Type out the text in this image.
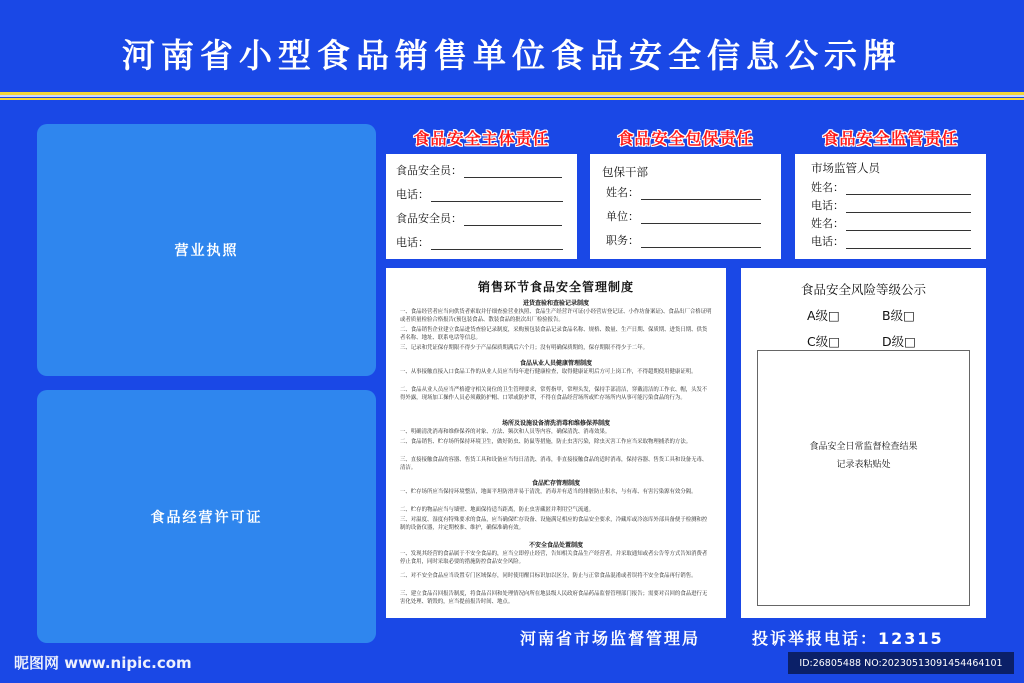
河南省小型食品销售单位食品安全信息公示牌
营业执照
食品经营许可证
食品安全主体责任	食品安全包保责任	食品安全监管责任
食品安全员：
电话：
食品安全员：
电话：
包保干部
姓名：
单位：
职务：
市场监管人员
姓名：
电话：
姓名：
电话：
销售环节食品安全管理制度
进货查验和查验记录制度
一、食品经营者应当向供货者索取并仔细查验营业执照、食品生产经营许可证(小经营店登记证、小作坊备案证)、食品出厂合格证明或者质量检验合格报告(预包装食品、散装食品的批次出厂检验报告。
二、食品销售企业建立食品进货查验记录制度，采购预包装食品记录食品名称、规格、数量、生产日期、保质期、进货日期、供货者名称、地址、联系电话等信息。
三、记录和凭证保存期限不得少于产品保质期满后六个月；没有明确保质期的，保存期限不得少于二年。
食品从业人员健康管理制度
一、从事接触直接入口食品工作的从业人员应当每年进行健康检查，取得健康证明后方可上岗工作，不得超期使用健康证明。
二、食品从业人员应当严格遵守相关岗位的卫生管理要求，常剪指甲，常理头发，保持手部清洁，穿戴清洁的工作衣、帽，头发不得外露，现场加工操作人员必须戴防护帽、口罩或防护罩，不得在食品经营场所或贮存场所内从事可能污染食品的行为。
场所及设施设备清洗消毒和维修保养制度
一、明确清洗消毒和维修保养的对象、方法、频次和人员等内容，确保清洗、消毒效果。
二、食品销售、贮存场所保持环境卫生，做好防虫、防鼠等措施，防止虫害污染，除虫灭害工作应当采取物理捕杀的方法。
三、直接接触食品的容器、售货工具和设备应当每日清洗、消毒，非直接接触食品的适时消毒，保持容器、售货工具和设备无毒、清洁。
食品贮存管理制度
一、贮存场所应当保持环境整洁，地面平坦防滑并易于清洗，消毒并有适当的排脏防止积水，与有毒、有害污染源有效分隔。
二、贮存的物品应当与墙壁、地面保持适当距离，防止虫害藏匿并利用空气流通。
三、对温度、湿度有特殊要求的食品，应当确保贮存设备、设施满足相应的食品安全要求，冷藏库或冷冻库外部具备便于检测和控制的设备仪器，并定期校准、维护，确保准确有效。
不安全食品处置制度
一、发现其经营的食品属于不安全食品的，应当立即停止经营，告知相关食品生产经营者，并采取通知或者公告等方式告知消费者停止食用，同时采取必要的措施防控食品安全风险。
二、对不安全食品应当设置专门区域保存，同时使用醒目标识加以区分，防止与正常食品混淆或者误将不安全食品再行销售。
三、建立食品召回报告制度，将食品召回和处理情况向所在地县级人民政府食品药品监督管理部门报告；需要对召回的食品进行无害化处理、销毁的，应当提前报告时间、地点。
食品安全风险等级公示
A级□	B级□
C级□	D级□
食品安全日常监督检查结果
记录表粘贴处
河南省市场监督管理局	投诉举报电话：12315
昵图网 www.nipic.com	ID:26805488 NO:20230513091454464101
